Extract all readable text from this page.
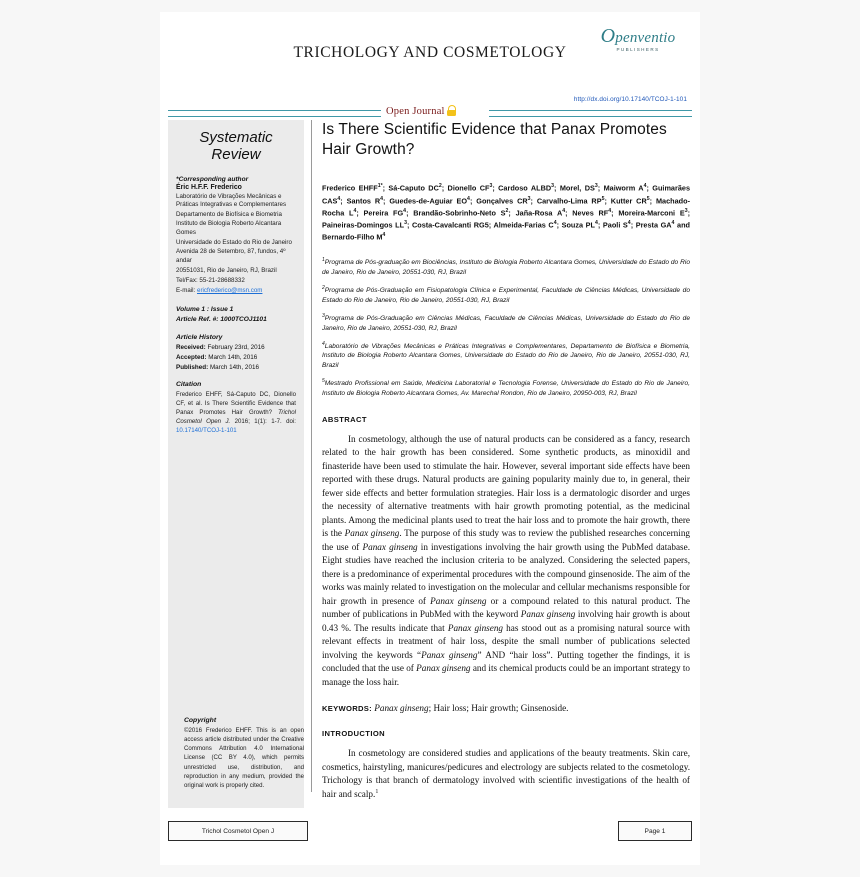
TRICHOLOGY AND COSMETOLOGY
Openventio
PUBLISHERS
http://dx.doi.org/10.17140/TCOJ-1-101
Open Journal
Systematic Review
*Corresponding author
Éric H.F.F. Frederico
Laboratório de Vibrações Mecânicas e Práticas Integrativas e Complementares
Departamento de Biofísica e Biometria Instituto de Biologia Roberto Alcantara Gomes
Universidade do Estado do Rio de Janeiro
Avenida 28 de Setembro, 87, fundos, 4º andar
20551031, Rio de Janeiro, RJ, Brazil
Tel/Fax: 55-21-28688332
E-mail: ericfrederico@msn.com
Volume 1 : Issue 1
Article Ref. #: 1000TCOJ1101
Article History
Received: February 23rd, 2016
Accepted: March 14th, 2016
Published: March 14th, 2016
Citation
Frederico EHFF, Sá-Caputo DC, Dionello CF, et al. Is There Scientific Evidence that Panax Promotes Hair Growth? Trichol Cosmetol Open J. 2016; 1(1): 1-7. doi: 10.17140/TCOJ-1-101
Copyright
©2016 Frederico EHFF. This is an open access article distributed under the Creative Commons Attribution 4.0 International License (CC BY 4.0), which permits unrestricted use, distribution, and reproduction in any medium, provided the original work is properly cited.
Is There Scientific Evidence that Panax Promotes Hair Growth?
Frederico $EHFF^{1*}$; Sá-Caputo $DC^2$; Dionello $CF^3$; Cardoso ALBD$^3$; Morel, $DS^3$; Maiworm $A^4$; Guimarães CAS$^4$; Santos $R^4$; Guedes-de-Aguiar $EO^4$; Gonçalves $CR^3$; Carvalho-Lima $RP^5$; Kutter $CR^5$; Machado-Rocha $L^4$; Pereira $FG^4$; Brandão-Sobrinho-Neto $S^2$; Jaña-Rosa $A^4$; Neves $RF^4$; Moreira-Marconi $E^3$; Paineiras-Domingos $LL^3$; Costa-Cavalcanti RG5; Almeida-Farias $C^4$; Souza $PL^4$; Paoli $S^4$; Presta $GA^4$ and Bernardo-Filho $M^4$
$^1$Programa de Pós-graduação em Biociências, Instituto de Biologia Roberto Alcantara Gomes, Universidade do Estado do Rio de Janeiro, Rio de Janeiro, 20551-030, RJ, Brazil
$^2$Programa de Pós-Graduação em Fisiopatologia Clínica e Experimental, Faculdade de Ciências Médicas, Universidade do Estado do Rio de Janeiro, Rio de Janeiro, 20551-030, RJ, Brazil
$^3$Programa de Pós-Graduação em Ciências Médicas, Faculdade de Ciências Médicas, Universidade do Estado do Rio de Janeiro, Rio de Janeiro, 20551-030, RJ, Brazil
$^4$Laboratório de Vibrações Mecânicas e Práticas Integrativas e Complementares, Departamento de Biofísica e Biometria, Instituto de Biologia Roberto Alcantara Gomes, Universidade do Estado do Rio de Janeiro, Rio de Janeiro, 20551-030, RJ, Brazil
$^5$Mestrado Profissional em Saúde, Medicina Laboratorial e Tecnologia Forense, Universidade do Estado do Rio de Janeiro, Instituto de Biologia Roberto Alcantara Gomes, Av. Marechal Rondon, Rio de Janeiro, 20950-003, RJ, Brazil
ABSTRACT

In cosmetology, although the use of natural products can be considered as a fancy, research related to the hair growth has been considered. Some synthetic products, as minoxidil and finasteride have been used to stimulate the hair. However, several important side effects have been reported with these drugs. Natural products are gaining popularity mainly due to, in general, their fewer side effects and better formulation strategies. Hair loss is a dermatologic disorder and urges the necessity of alternative treatments with hair growth promoting potential, as the medicinal plants. Among the medicinal plants used to treat the hair loss and to promote the hair growth, there is the Panax ginseng. The purpose of this study was to review the published researches concerning the use of Panax ginseng in investigations involving the hair growth using the PubMed database. Eight studies have reached the inclusion criteria to be analyzed. Considering the selected papers, there is a predominance of experimental procedures with the compound ginsenoside. The aim of the works was mainly related to investigation on the molecular and cellular mechanisms responsible for hair growth in presence of Panax ginseng or a compound related to this natural product. The number of publications in PubMed with the keyword Panax ginseng involving hair growth is about 0.43 %. The results indicate that Panax ginseng has stood out as a promising natural source with relevant effects in treatment of hair loss, despite the small number of publications selected involving the keywords “Panax ginseng” AND “hair loss”. Putting together the findings, it is concluded that the use of Panax ginseng and its chemical products could be an important strategy to manage the loss hair.

KEYWORDS: Panax ginseng; Hair loss; Hair growth; Ginsenoside.

INTRODUCTION

In cosmetology are considered studies and applications of the beauty treatments. Skin care, cosmetics, hairstyling, manicures/pedicures and electrology are subjects related to the cosmetology. Trichology is that branch of dermatology involved with scientific investigations of the health of hair and scalp.$^1$

Trichol Cosmetol Open J	Page 1
